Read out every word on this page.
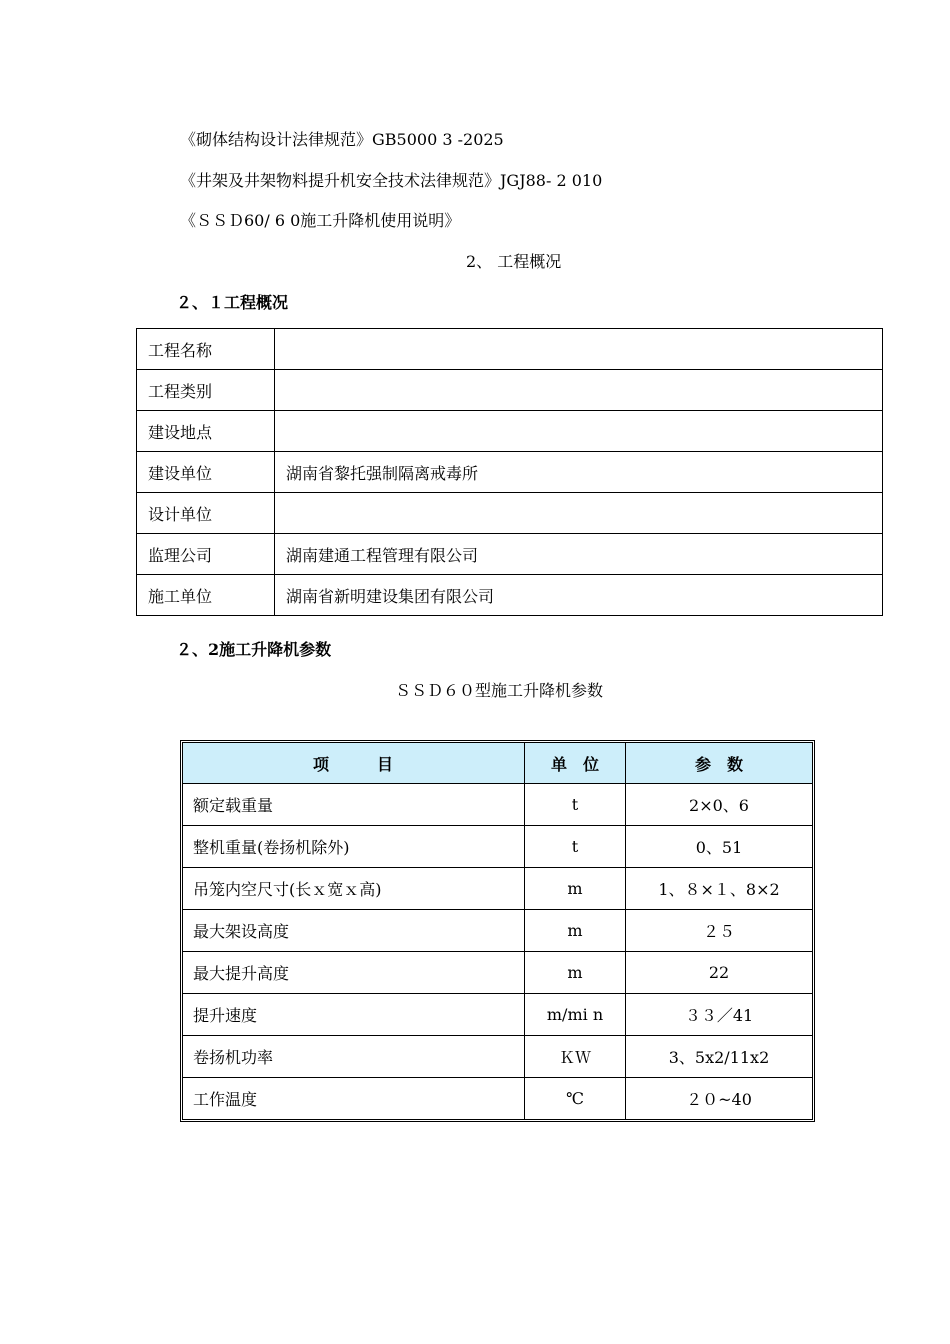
《砌体结构设计法律规范》GB5000 3 -2025
《井架及井架物料提升机安全技术法律规范》JGJ88- 2 010
《ＳＳＤ60/ 6 0施工升降机使用说明》
2、 工程概况
２、１工程概况
工程名称	
工程类别	
建设地点	
建设单位	湖南省黎托强制隔离戒毒所
设计单位	
监理公司	湖南建通工程管理有限公司
施工单位	湖南省新明建设集团有限公司
２、2施工升降机参数
ＳＳＤ６０型施工升降机参数
项　　　目	单　位	参　数
额定载重量	t	2×0、6
整机重量(卷扬机除外)	t	0、51
吊笼内空尺寸(长ｘ宽ｘ高)	m	1、８×１、8×2
最大架设高度	m	２５
最大提升高度	m	22
提升速度	m/mi n	３３／41
卷扬机功率	ＫＷ	3、5x2/11x2
工作温度	℃	２０~40
